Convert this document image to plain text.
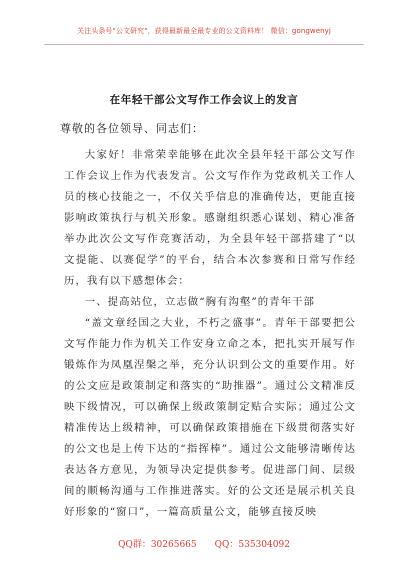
关注头条号"公文研究"，获得最新最全最专业的公文资料库！ 微信：gongwenyj
在年轻干部公文写作工作会议上的发言
尊敬的各位领导、同志们：

大家好！非常荣幸能够在此次全县年轻干部公文写作工作会议上作为代表发言。公文写作作为党政机关工作人员的核心技能之一，不仅关乎信息的准确传达，更能直接影响政策执行与机关形象。感谢组织悉心谋划、精心准备举办此次公文写作竞赛活动，为全县年轻干部搭建了“以文提能、以赛促学”的平台，结合本次参赛和日常写作经历，我有以下感想体会：

一、提高站位，立志做“胸有沟壑”的青年干部

“盖文章经国之大业，不朽之盛事”。青年干部要把公文写作能力作为机关工作安身立命之本，把扎实开展写作锻炼作为凤凰涅槃之举，充分认识到公文的重要作用。好的公文应是政策制定和落实的“助推器”。通过公文精准反映下级情况，可以确保上级政策制定贴合实际；通过公文精准传达上级精神，可以确保政策措施在下级贯彻落实好的公文也是上传下达的“指挥棒”。通过公文能够清晰传达表达各方意见，为领导决定提供参考。促进部门间、层级间的顺畅沟通与工作推进落实。好的公文还是展示机关良好形象的“窗口”，一篇高质量公文，能够直接反映

QQ群：30265665 QQ：535304092
